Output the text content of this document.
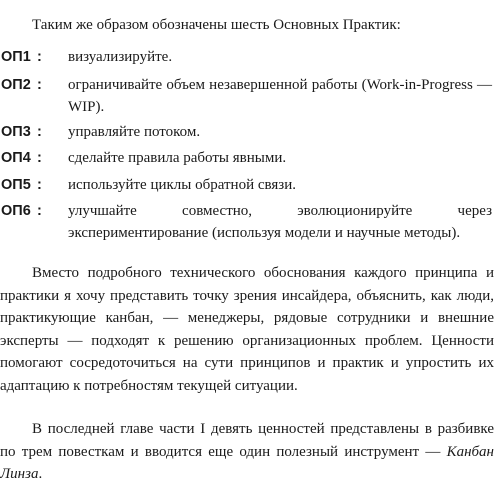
Таким же образом обозначены шесть Основных Практик:
ОП1 : визуализируйте.
ОП2 : ограничивайте объем незавершенной работы (Work-in-Progress — WIP).
ОП3 : управляйте потоком.
ОП4 : сделайте правила работы явными.
ОП5 : используйте циклы обратной связи.
ОП6 : улучшайте совместно, эволюционируйте через экспериментирование (используя модели и научные методы).
Вместо подробного технического обоснования каждого принципа и практики я хочу представить точку зрения инсайдера, объяснить, как люди, практикующие канбан, — менеджеры, рядовые сотрудники и внешние эксперты — подходят к решению организационных проблем. Ценности помогают сосредоточиться на сути принципов и практик и упростить их адаптацию к потребностям текущей ситуации.
В последней главе части I девять ценностей представлены в разбивке по трем повесткам и вводится еще один полезный инструмент — Канбан Линза.
